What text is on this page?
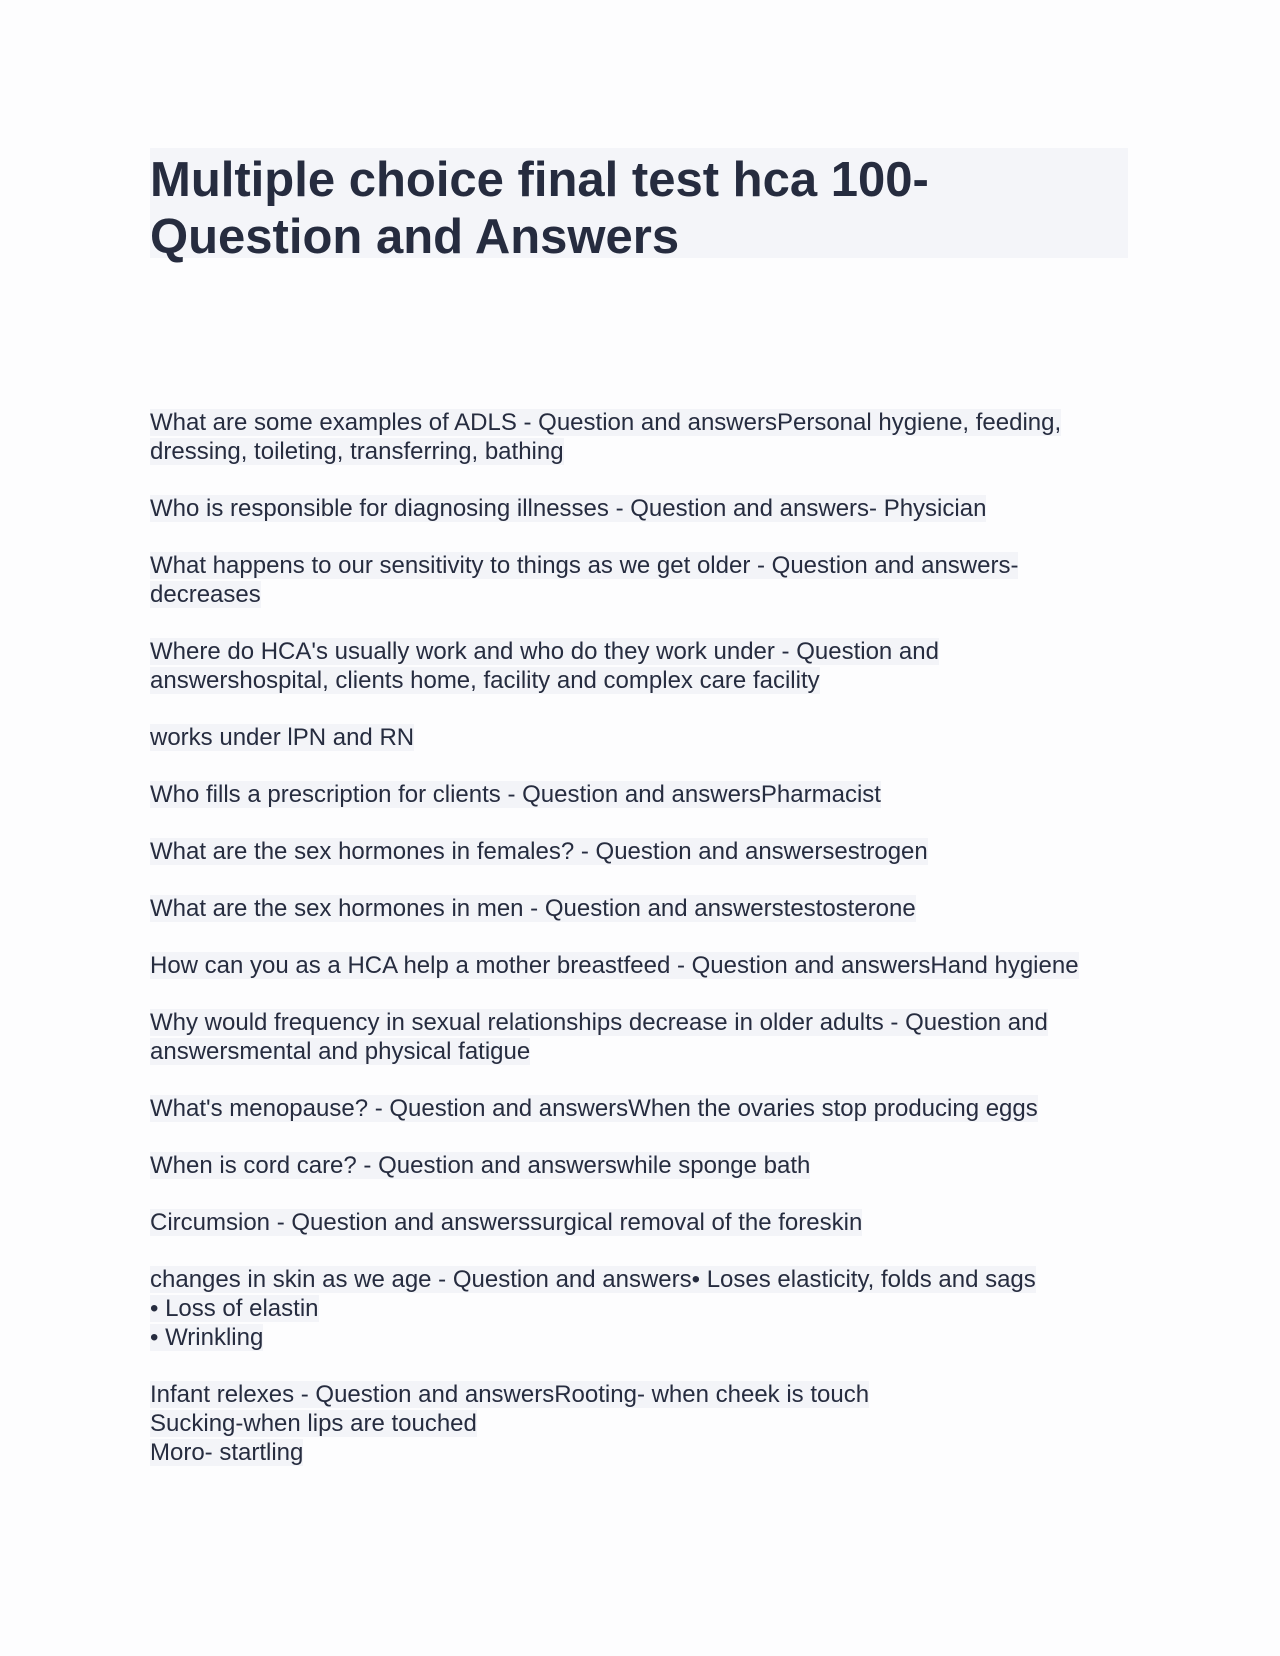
Multiple choice final test hca 100-
Question and Answers
What are some examples of ADLS - Question and answersPersonal hygiene, feeding,
dressing, toileting, transferring, bathing
Who is responsible for diagnosing illnesses - Question and answers- Physician
What happens to our sensitivity to things as we get older - Question and answers-
decreases
Where do HCA's usually work and who do they work under - Question and
answershospital, clients home, facility and complex care facility
works under lPN and RN
Who fills a prescription for clients - Question and answersPharmacist
What are the sex hormones in females? - Question and answersestrogen
What are the sex hormones in men - Question and answerstestosterone
How can you as a HCA help a mother breastfeed - Question and answersHand hygiene
Why would frequency in sexual relationships decrease in older adults - Question and
answersmental and physical fatigue
What's menopause? - Question and answersWhen the ovaries stop producing eggs
When is cord care? - Question and answerswhile sponge bath
Circumsion - Question and answerssurgical removal of the foreskin
changes in skin as we age - Question and answers• Loses elasticity, folds and sags
• Loss of elastin
• Wrinkling
Infant relexes - Question and answersRooting- when cheek is touch
Sucking-when lips are touched
Moro- startling
